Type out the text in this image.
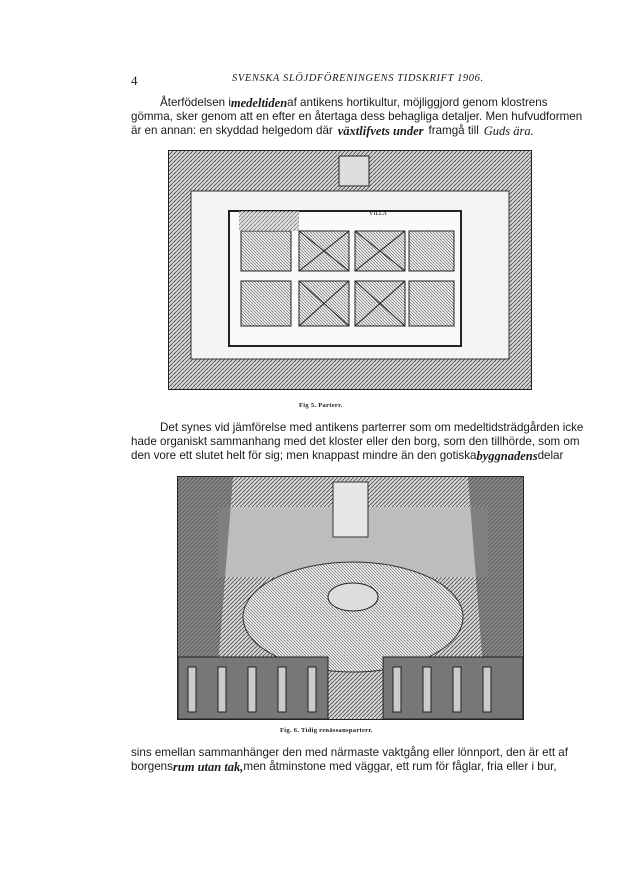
4	SVENSKA SLÖJDFÖRENINGENS TIDSKRIFT 1906.
Återfödelsen i medeltiden af antikens hortikultur, möjliggjord genom klostrens
gömma, sker genom att en efter en återtaga dess behagliga detaljer. Men hufvudformen
är en annan: en skyddad helgedom där växtlifvets under framgå till Guds ära.
VILLA
Fig 5. Parterr.
Det synes vid jämförelse med antikens parterrer som om medeltidsträdgården icke
hade organiskt sammanhang med det kloster eller den borg, som den tillhörde, som om
den vore ett slutet helt för sig; men knappast mindre än den gotiska byggnadens delar
Fig. 6. Tidig renässansparterr.
sins emellan sammanhänger den med närmaste vaktgång eller lönnport, den är ett af
borgens rum utan tak, men åtminstone med väggar, ett rum för fåglar, fria eller i bur,
